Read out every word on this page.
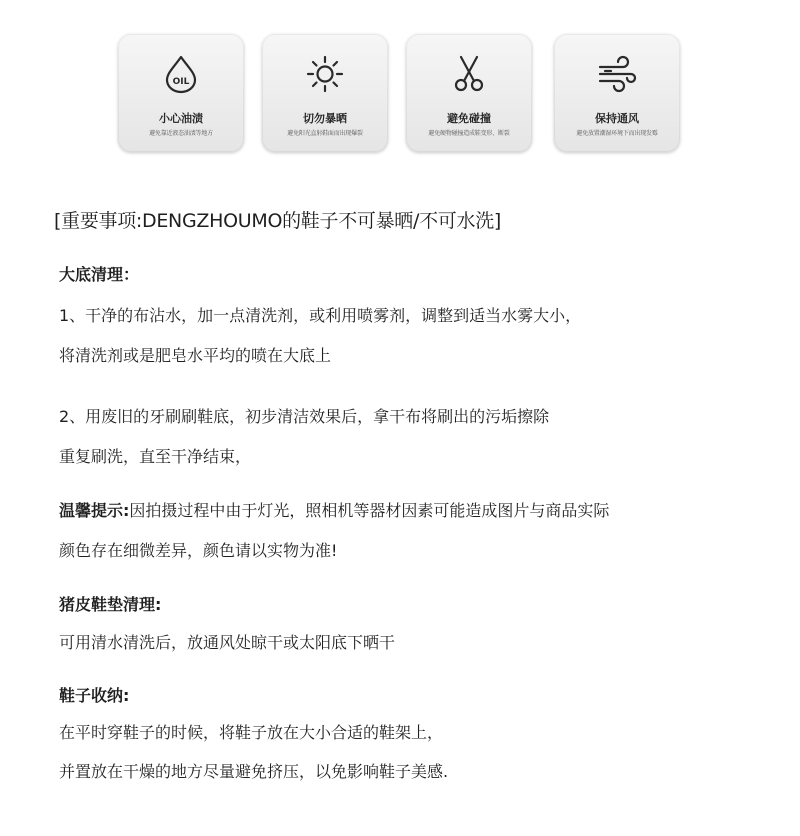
OIL
小心油渍
避免靠近液态油渍等地方
切勿暴晒
避免阳光直射鞋面而出现爆裂
避免碰撞
避免硬物碰撞造成鞋变形、断裂
保持通风
避免放置潮湿环境下而出现发霉
[重要事项:DENGZHOUMO的鞋子不可暴晒/不可水洗]
大底清理：
1、干净的布沾水，加一点清洗剂，或利用喷雾剂，调整到适当水雾大小，
将清洗剂或是肥皂水平均的喷在大底上
2、用废旧的牙刷刷鞋底，初步清洁效果后，拿干布将刷出的污垢擦除
重复刷洗，直至干净结束，
温馨提示:因拍摄过程中由于灯光，照相机等器材因素可能造成图片与商品实际
颜色存在细微差异，颜色请以实物为准!
猪皮鞋垫清理:
可用清水清洗后，放通风处晾干或太阳底下晒干
鞋子收纳:
在平时穿鞋子的时候，将鞋子放在大小合适的鞋架上，
并置放在干燥的地方尽量避免挤压，以免影响鞋子美感.
